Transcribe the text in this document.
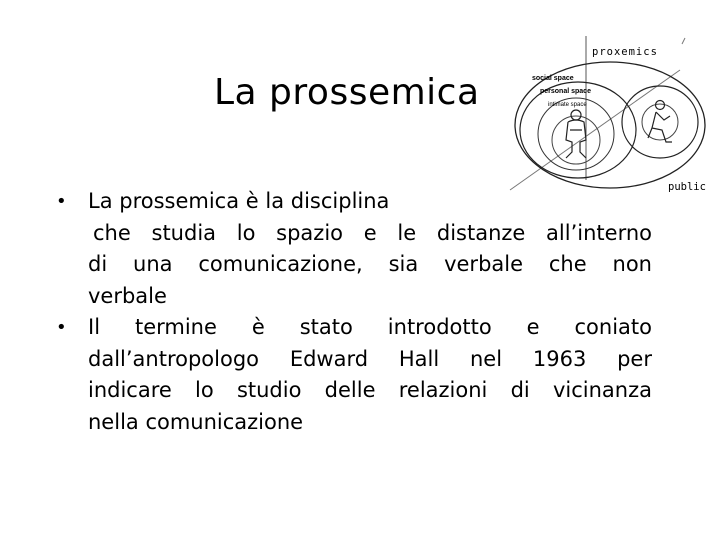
La prossemica
proxemics
social space
personal space
intimate space
public
• La prossemica è la disciplina
che studia lo spazio e le distanze all’interno
di una comunicazione, sia verbale che non
verbale
• Il termine è stato introdotto e coniato
dall’antropologo Edward Hall nel 1963 per
indicare lo studio delle relazioni di vicinanza
nella comunicazione
